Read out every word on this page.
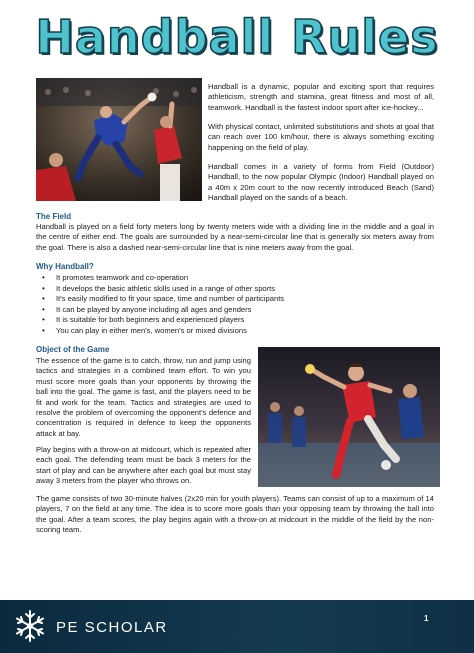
Handball Rules

Handball is a dynamic, popular and exciting sport that requires athleticism, strength and stamina, great fitness and most of all, teamwork. Handball is the fastest indoor sport after ice-hockey...

With physical contact, unlimited substitutions and shots at goal that can reach over 100 km/hour, there is always something exciting happening on the field of play.

Handball comes in a variety of forms from Field (Outdoor) Handball, to the now popular Olympic (Indoor) Handball played on a 40m x 20m court to the now recently introduced Beach (Sand) Handball played on the sands of a beach.

The Field

Handball is played on a field forty meters long by twenty meters wide with a dividing line in the middle and a goal in the centre of either end. The goals are surrounded by a near-semi-circular line that is generally six meters away from the goal. There is also a dashed near-semi-circular line that is nine meters away from the goal.

Why Handball?
• It promotes teamwork and co-operation
• It develops the basic athletic skills used in a range of other sports
• It's easily modified to fit your space, time and number of participants
• It can be played by anyone including all ages and genders
• It is suitable for both beginners and experienced players
• You can play in either men's, women's or mixed divisions
Object of the Game

The essence of the game is to catch, throw, run and jump using tactics and strategies in a combined team effort. To win you must score more goals than your opponents by throwing the ball into the goal. The game is fast, and the players need to be fit and work for the team. Tactics and strategies are used to resolve the problem of overcoming the opponent's defence and concentration is required in defence to keep the opponents attack at bay.

Play begins with a throw-on at midcourt, which is repeated after each goal. The defending team must be back 3 meters for the start of play and can be anywhere after each goal but must stay away 3 meters from the player who throws on.

The game consists of two 30-minute halves (2x20 min for youth players). Teams can consist of up to a maximum of 14 players, 7 on the field at any time. The idea is to score more goals than your opposing team by throwing the ball into the goal. After a team scores, the play begins again with a throw-on at midcourt in the middle of the field by the non-scoring team.

PE SCHOLAR
1
